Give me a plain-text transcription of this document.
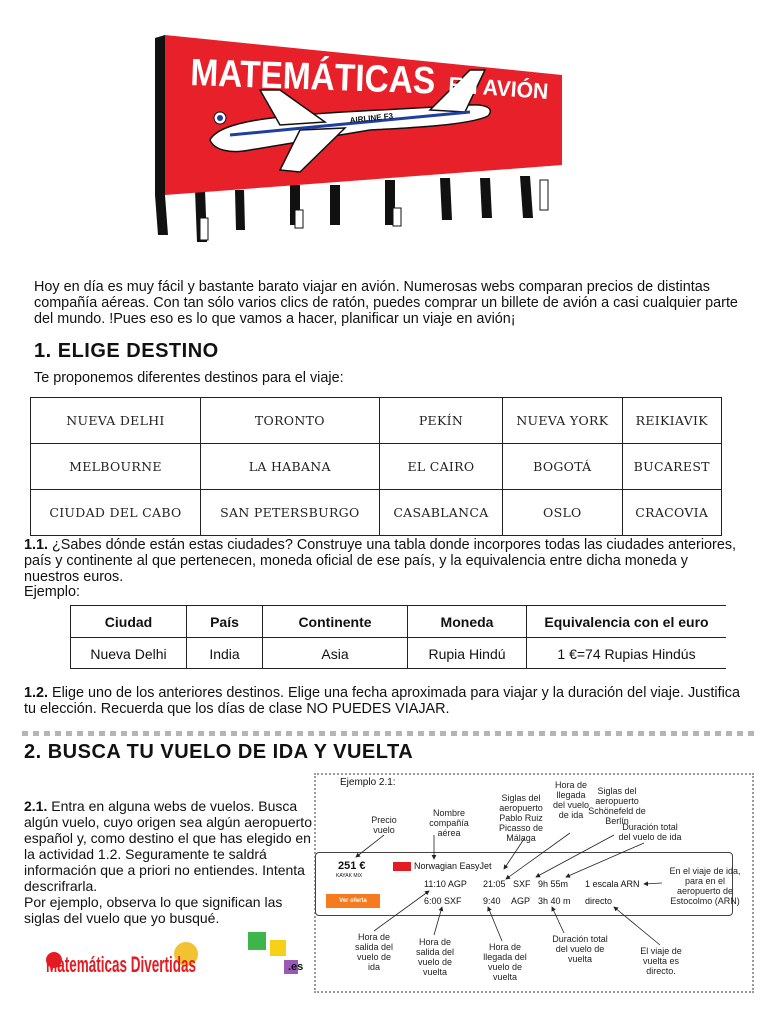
AIRLINE F3
MATEMÁTICAS
EN AVIÓN
Hoy en día es muy fácil y bastante barato viajar en avión. Numerosas webs comparan precios de distintas compañía aéreas. Con tan sólo varios clics de ratón, puedes comprar un billete de avión a casi cualquier parte del mundo. !Pues eso es lo que vamos a hacer, planificar un viaje en avión¡
1. ELIGE DESTINO
Te proponemos diferentes destinos para el viaje:
NUEVA DELHI	TORONTO	PEKÍN	NUEVA YORK	REIKIAVIK
MELBOURNE	LA HABANA	EL CAIRO	BOGOTÁ	BUCAREST
CIUDAD DEL CABO	SAN PETERSBURGO	CASABLANCA	OSLO	CRACOVIA
1.1. ¿Sabes dónde están estas ciudades? Construye una tabla donde incorpores todas las ciudades anteriores, país y continente al que pertenecen, moneda oficial de ese país, y la equivalencia entre dicha moneda y nuestros euros.
Ejemplo:
Ciudad	País	Continente	Moneda	Equivalencia con el euro
Nueva Delhi	India	Asia	Rupia Hindú	1 €=74 Rupias Hindús
1.2. Elige uno de los anteriores destinos. Elige una fecha aproximada para viajar y la duración del viaje. Justifica tu elección. Recuerda que los días de clase NO PUEDES VIAJAR.
2. BUSCA TU VUELO DE IDA Y VUELTA
2.1. Entra en alguna webs de vuelos. Busca algún vuelo, cuyo origen sea algún aeropuerto español y, como destino el que has elegido en la actividad 1.2. Seguramente te saldrá información que a priori no entiendes. Intenta descrifrarla.
Por ejemplo, observa lo que significan las siglas del vuelo que yo busqué.
Matemáticas Divertidas	.es
Ejemplo 2.1:
251 €
KAYAK MIX
Norwagian EasyJet
Ver oferta
11:10 AGP 21:05 SXF 9h 55m 1 escala ARN
6:00 SXF 9:40 AGP 3h 40 m directo
Precio vuelo
Nombre compañía aérea
Siglas del aeropuerto Pablo Ruiz Picasso de Málaga
Hora de llegada del vuelo de ida
Siglas del aeropuerto Schönefeld de Berlín
Duración total del vuelo de ida
En el viaje de ida, para en el aeropuerto de Estocolmo (ARN)
Hora de salida del vuelo de ida
Hora de salida del vuelo de vuelta
Hora de llegada del vuelo de vuelta
Duración total del vuelo de vuelta
El viaje de vuelta es directo.
